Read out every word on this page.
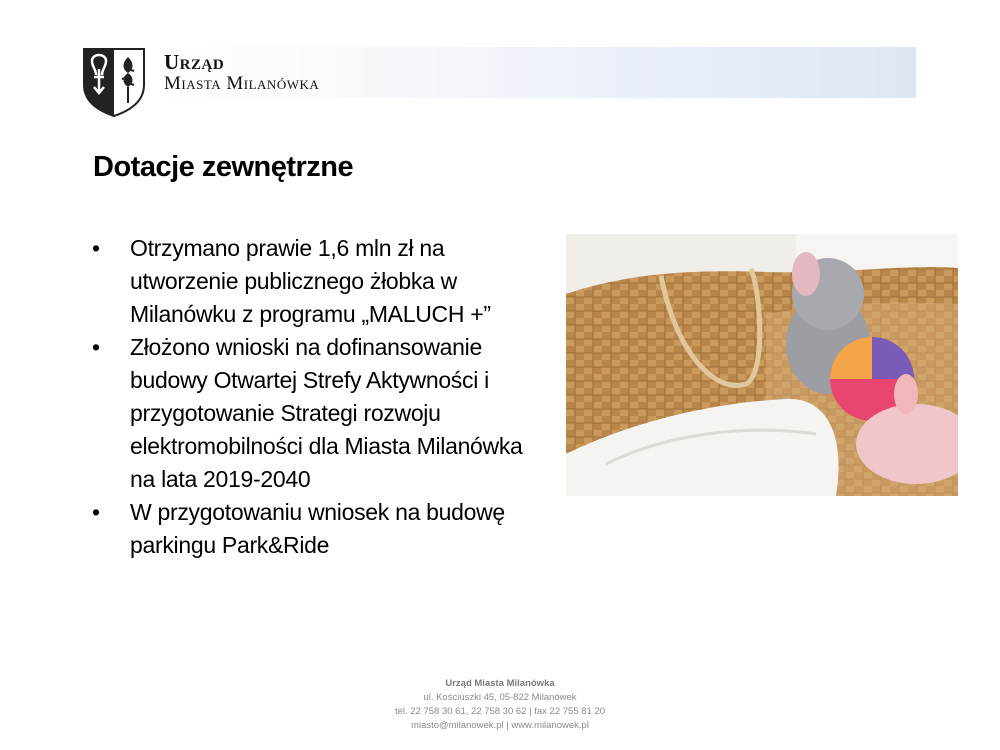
Urząd
Miasta Milanówka
Dotacje zewnętrzne
• Otrzymano prawie 1,6 mln zł na utworzenie publicznego żłobka w Milanówku z programu „MALUCH +”
• Złożono wnioski na dofinansowanie budowy Otwartej Strefy Aktywności i przygotowanie Strategi rozwoju elektromobilności dla Miasta Milanówka na lata 2019-2040
• W przygotowaniu wniosek na budowę parkingu Park&Ride
Urząd Miasta Milanówka
ul. Kościuszki 45, 05-822 Milanówek
tel. 22 758 30 61, 22 758 30 62 | fax 22 755 81 20
miasto@milanowek.pl | www.milanowek.pl
